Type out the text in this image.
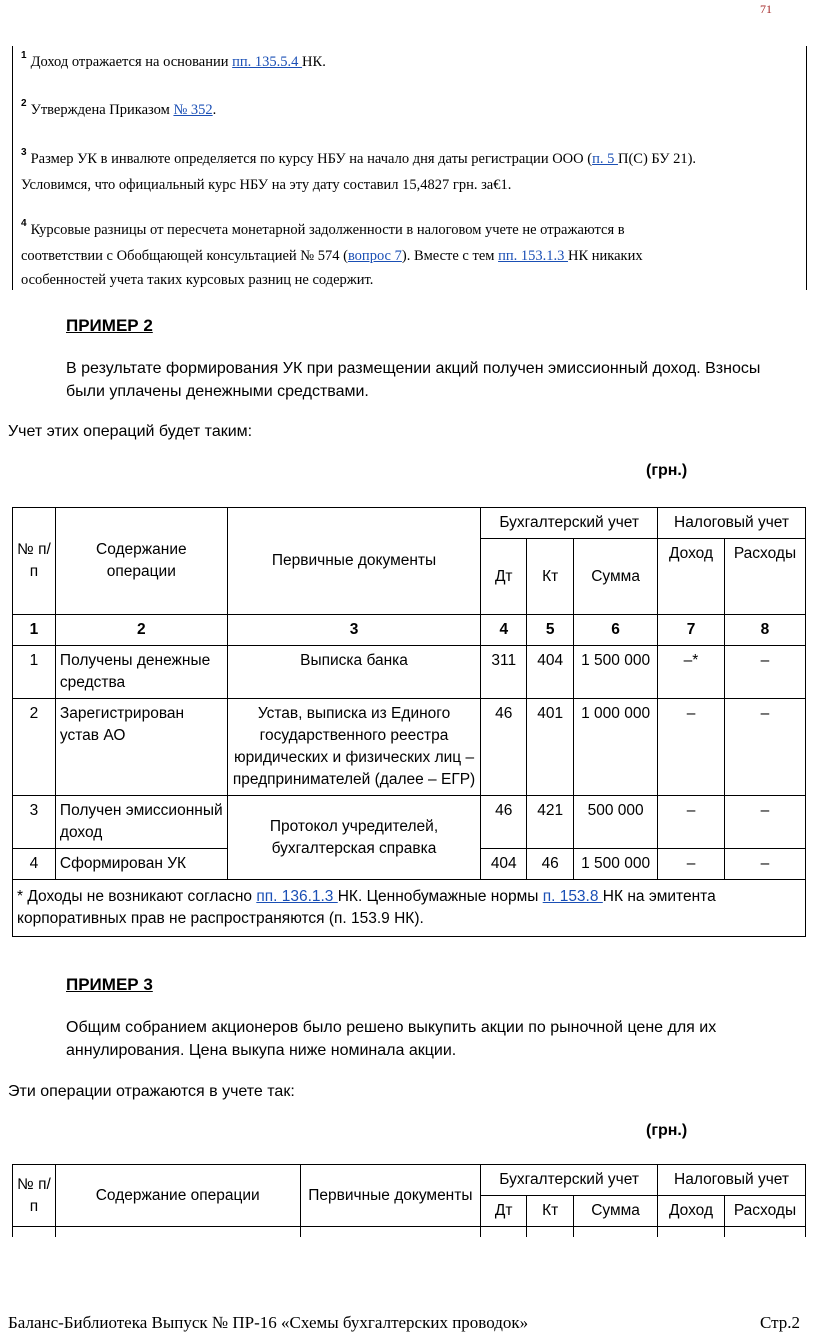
71
$^1$ Доход отражается на основании пп. 135.5.4 НК.
$^2$ Утверждена Приказом № 352.
$^3$ Размер УК в инвалюте определяется по курсу НБУ на начало дня даты регистрации ООО (п. 5 П(С) БУ 21).
Условимся, что официальный курс НБУ на эту дату составил 15,4827 грн. за€1.
$^4$ Курсовые разницы от пересчета монетарной задолженности в налоговом учете не отражаются в
соответствии с Обобщающей консультацией № 574 (вопрос 7). Вместе с тем пп. 153.1.3 НК никаких
особенностей учета таких курсовых разниц не содержит.
ПРИМЕР 2
В результате формирования УК при размещении акций получен эмиссионный доход. Взносы были уплачены денежными средствами.
Учет этих операций будет таким:
(грн.)
№ п/п	Содержание операции	Первичные документы	Бухгалтерский учет			Налоговый учет	
			Дт	Кт	Сумма	Доход	Расходы
1	2	3	4	5	6	7	8
1	Получены денежные средства	Выписка банка	311	404	1 500 000	–*	–
2	Зарегистрирован устав АО	Устав, выписка из Единого государственного реестра юридических и физических лиц – предпринимателей (далее – ЕГР)	46	401	1 000 000	–	–
3	Получен эмиссионный доход	Протокол учредителей, бухгалтерская справка	46	421	500 000	–	–
4	Сформирован УК		404	46	1 500 000	–	–
* Доходы не возникают согласно пп. 136.1.3 НК. Ценнобумажные нормы п. 153.8 НК на эмитента
корпоративных прав не распространяются (п. 153.9 НК).							
ПРИМЕР 3
Общим собранием акционеров было решено выкупить акции по рыночной цене для их аннулирования. Цена выкупа ниже номинала акции.
Эти операции отражаются в учете так:
(грн.)
№ п/п	Содержание операции	Первичные документы	Бухгалтерский учет			Налоговый учет	
			Дт	Кт	Сумма	Доход	Расходы

Баланс-Библиотека Выпуск № ПР-16 «Схемы бухгалтерских проводок»	Стр.2
